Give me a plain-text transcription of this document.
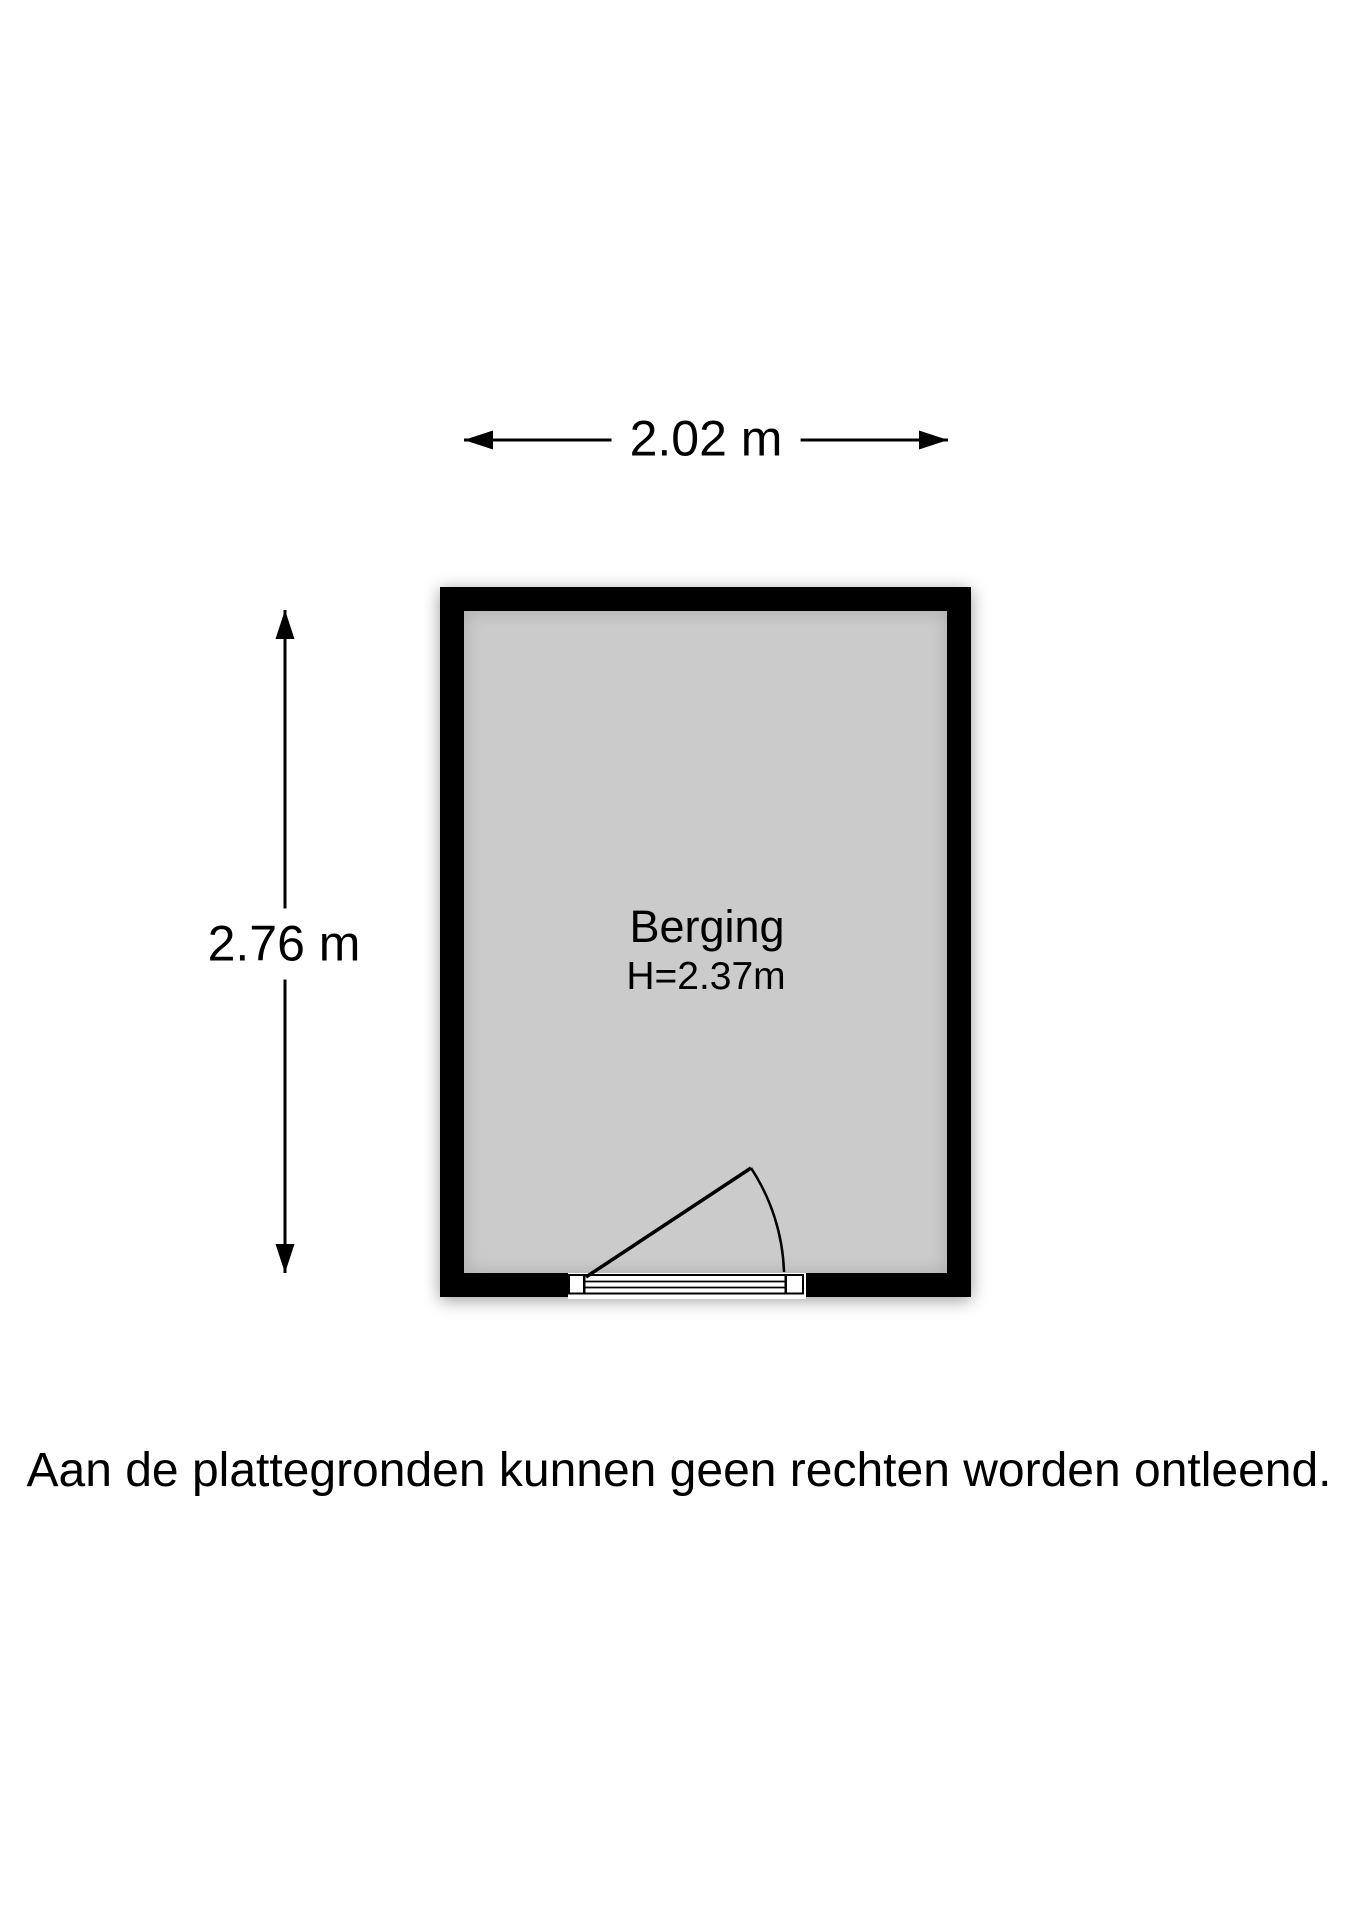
2.02 m
2.76 m	Berging
H=2.37m
Aan de plattegronden kunnen geen rechten worden ontleend.
